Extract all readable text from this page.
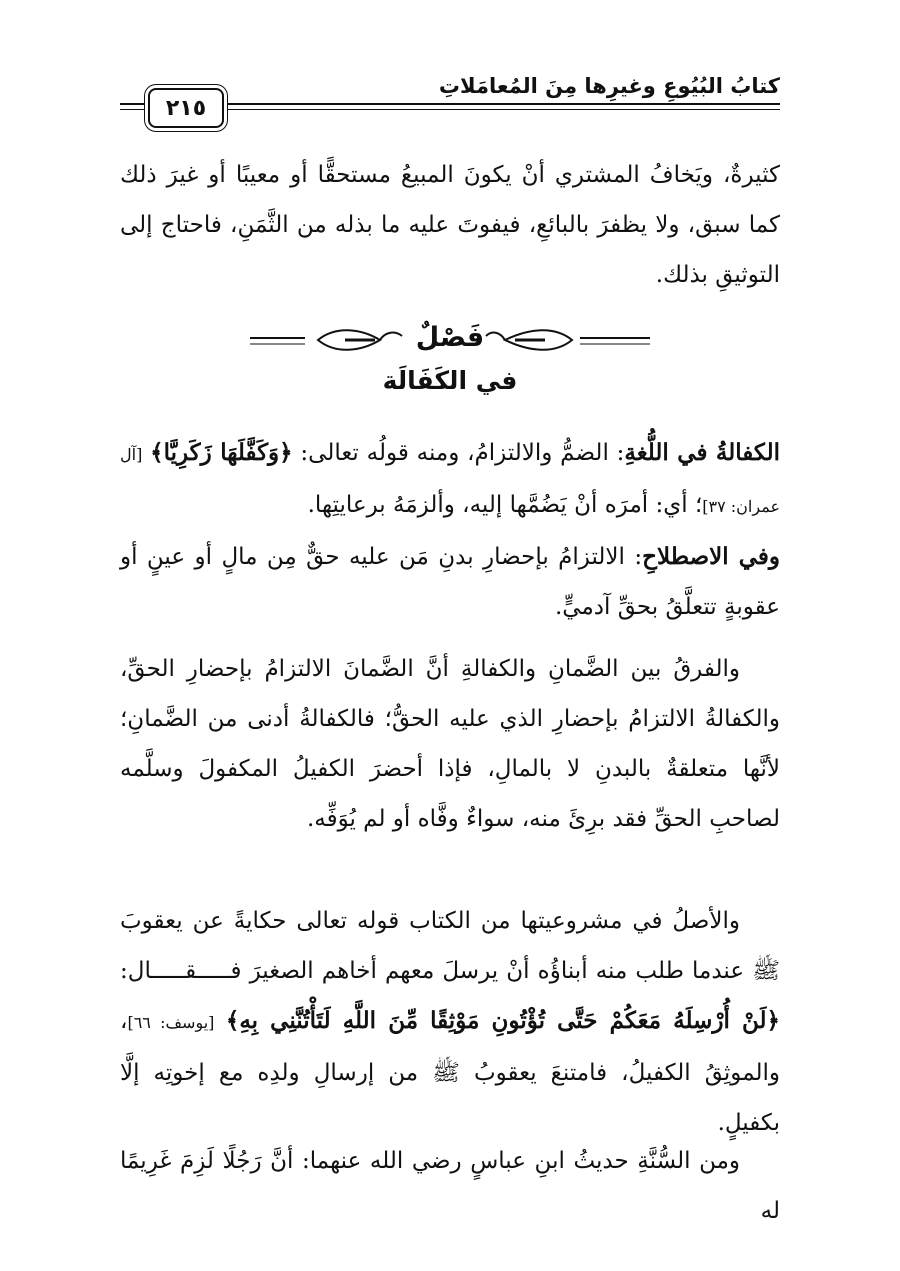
كتابُ البُيُوعِ وغيرِها مِنَ المُعامَلاتِ
٢١٥

كثيرةٌ، ويَخافُ المشتري أنْ يكونَ المبيعُ مستحقًّا أو معيبًا أو غيرَ ذلك كما سبق، ولا يظفرَ بالبائعِ، فيفوتَ عليه ما بذله من الثَّمَنِ، فاحتاج إلى التوثيقِ بذلك.

فَصْلٌ
في الكَفَالَة

الكفالةُ في اللُّغةِ: الضمُّ والالتزامُ، ومنه قولُه تعالى: ﴿وَكَفَّلَهَا زَكَرِيَّا﴾ [آل عمران: ٣٧]؛ أي: أمرَه أنْ يَضُمَّها إليه، وألزمَهُ برعايتِها.

وفي الاصطلاحِ: الالتزامُ بإحضارِ بدنِ مَن عليه حقٌّ مِن مالٍ أو عينٍ أو عقوبةٍ تتعلَّقُ بحقِّ آدميٍّ.

والفرقُ بين الضَّمانِ والكفالةِ أنَّ الضَّمانَ الالتزامُ بإحضارِ الحقِّ، والكفالةُ الالتزامُ بإحضارِ الذي عليه الحقُّ؛ فالكفالةُ أدنى من الضَّمانِ؛ لأنَّها متعلقةٌ بالبدنِ لا بالمالِ، فإذا أحضرَ الكفيلُ المكفولَ وسلَّمه لصاحبِ الحقِّ فقد برِئَ منه، سواءٌ وفَّاه أو لم يُوَفِّه.

والأصلُ في مشروعيتها من الكتاب قوله تعالى حكايةً عن يعقوبَ ﷺ عندما طلب منه أبناؤُه أنْ يرسلَ معهم أخاهم الصغيرَ فـــــقـــــال: ﴿لَنْ أُرْسِلَهُ مَعَكُمْ حَتَّى تُؤْتُونِ مَوْثِقًا مِّنَ اللَّهِ لَتَأْتُنَّنِي بِهِ﴾ [يوسف: ٦٦]، والموثِقُ الكفيلُ، فامتنعَ يعقوبُ ﷺ من إرسالِ ولدِه مع إخوتِه إلَّا بكفيلٍ.

ومن السُّنَّةِ حديثُ ابنِ عباسٍ رضي الله عنهما: أنَّ رَجُلًا لَزِمَ غَرِيمًا له
